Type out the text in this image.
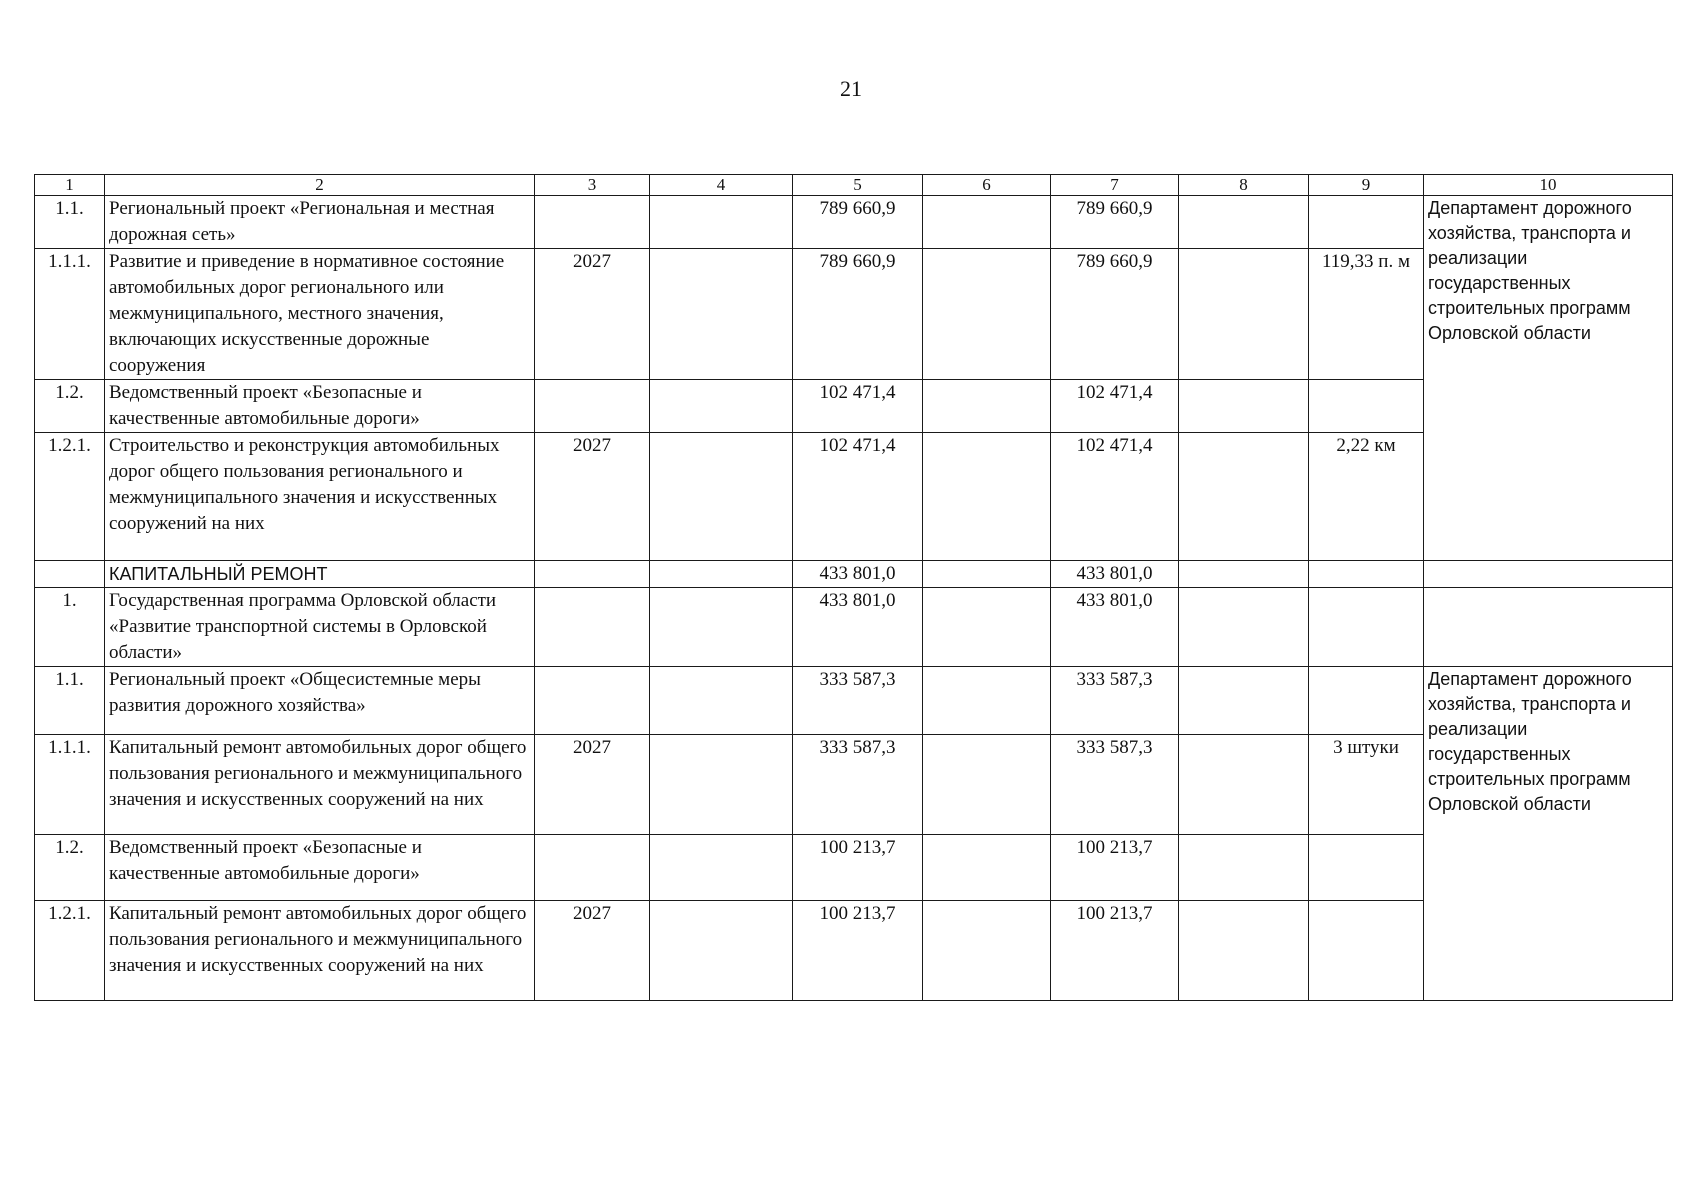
21
1	2	3	4	5	6	7	8	9	10
1.1.	Региональный проект «Региональная и местная дорожная сеть»			789 660,9		789 660,9			Департамент дорожного хозяйства, транспорта и реализации государственных строительных программ Орловской области
1.1.1.	Развитие и приведение в нормативное состояние автомобильных дорог регионального или межмуниципального, местного значения, включающих искусственные дорожные сооружения	2027		789 660,9		789 660,9		119,33 п. м	
1.2.	Ведомственный проект «Безопасные и качественные автомобильные дороги»			102 471,4		102 471,4			
1.2.1.	Строительство и реконструкция автомобильных дорог общего пользования регионального и межмуниципального значения и искусственных сооружений на них	2027		102 471,4		102 471,4		2,22 км	
	КАПИТАЛЬНЫЙ РЕМОНТ			433 801,0		433 801,0			
1.	Государственная программа Орловской области «Развитие транспортной системы в Орловской области»			433 801,0		433 801,0			
1.1.	Региональный проект «Общесистемные меры развития дорожного хозяйства»			333 587,3		333 587,3			Департамент дорожного хозяйства, транспорта и реализации государственных строительных программ Орловской области
1.1.1.	Капитальный ремонт автомобильных дорог общего пользования регионального и межмуниципального значения и искусственных сооружений на них	2027		333 587,3		333 587,3		3 штуки	
1.2.	Ведомственный проект «Безопасные и качественные автомобильные дороги»			100 213,7		100 213,7			
1.2.1.	Капитальный ремонт автомобильных дорог общего пользования регионального и межмуниципального значения и искусственных сооружений на них	2027		100 213,7		100 213,7			
